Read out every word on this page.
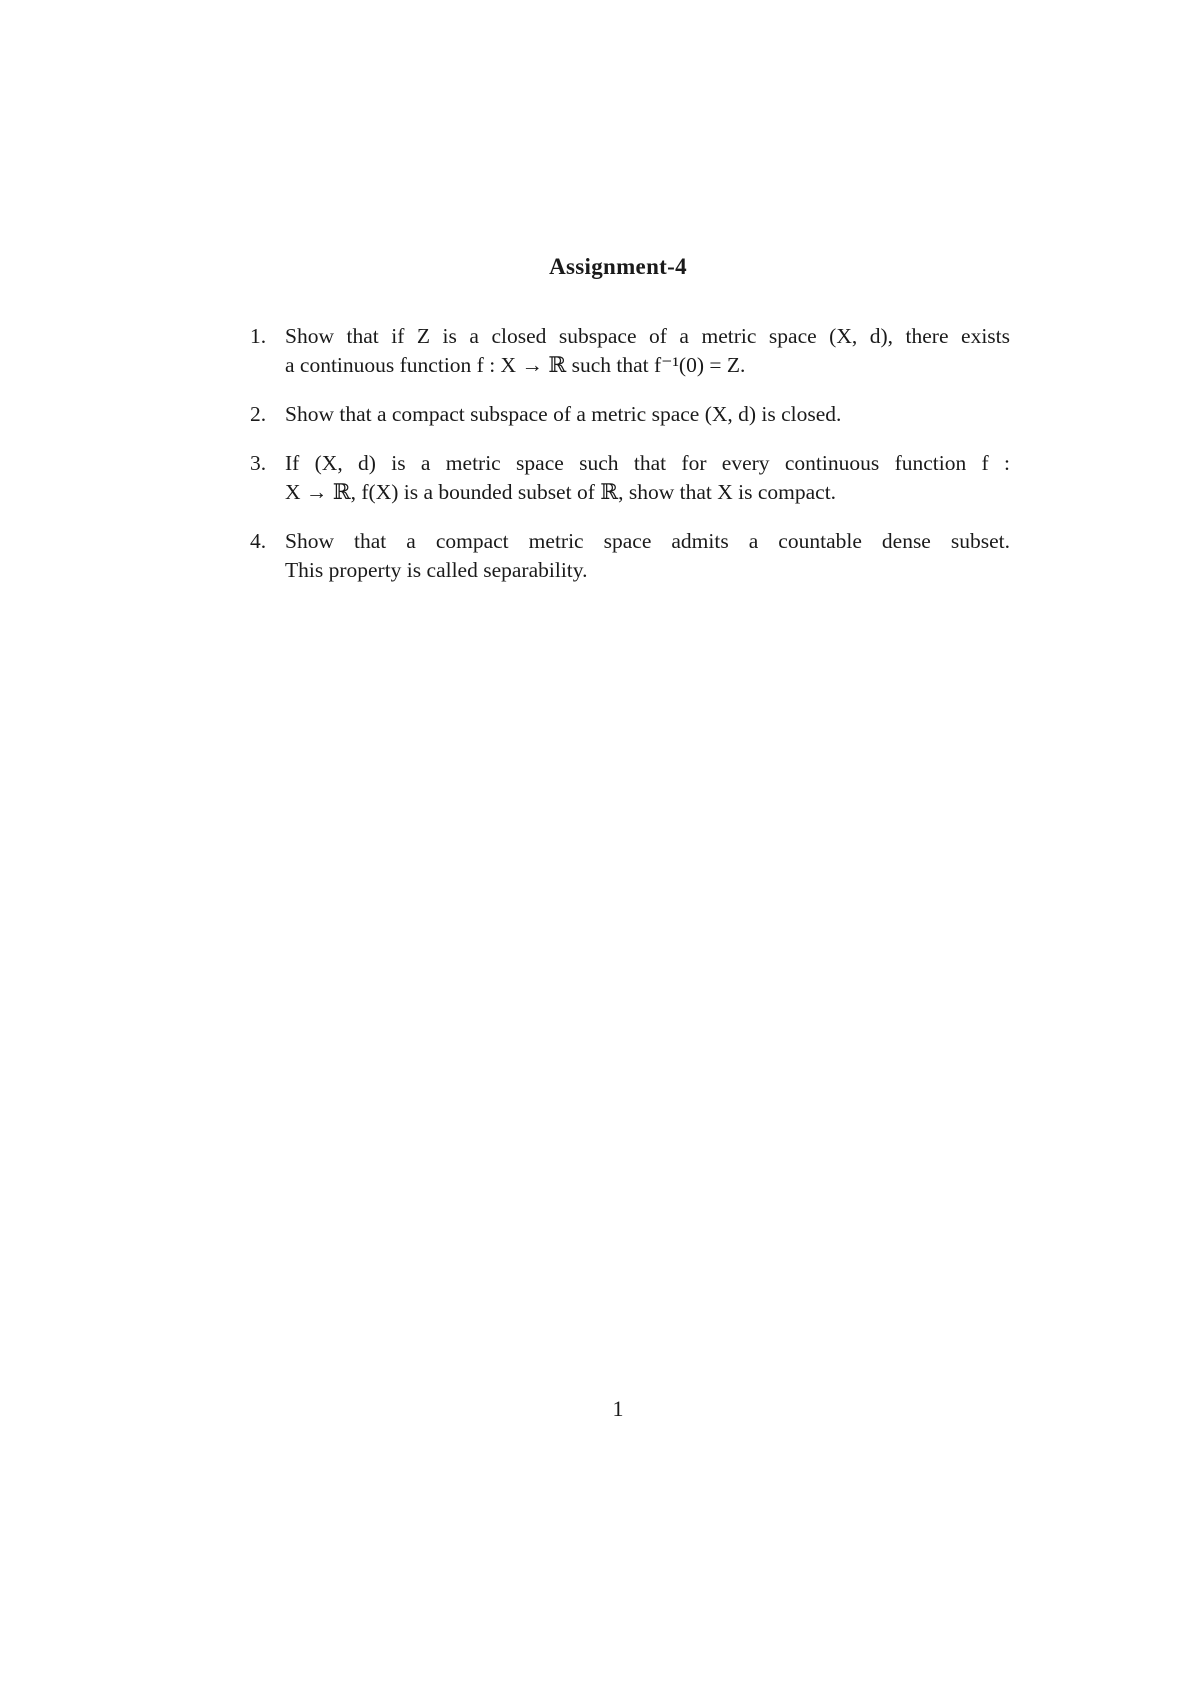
Assignment-4
1. Show that if Z is a closed subspace of a metric space (X, d), there exists
a continuous function f : X → ℝ such that f⁻¹(0) = Z.
2. Show that a compact subspace of a metric space (X, d) is closed.
3. If (X, d) is a metric space such that for every continuous function f :
X → ℝ, f(X) is a bounded subset of ℝ, show that X is compact.
4. Show that a compact metric space admits a countable dense subset.
This property is called separability.
1
